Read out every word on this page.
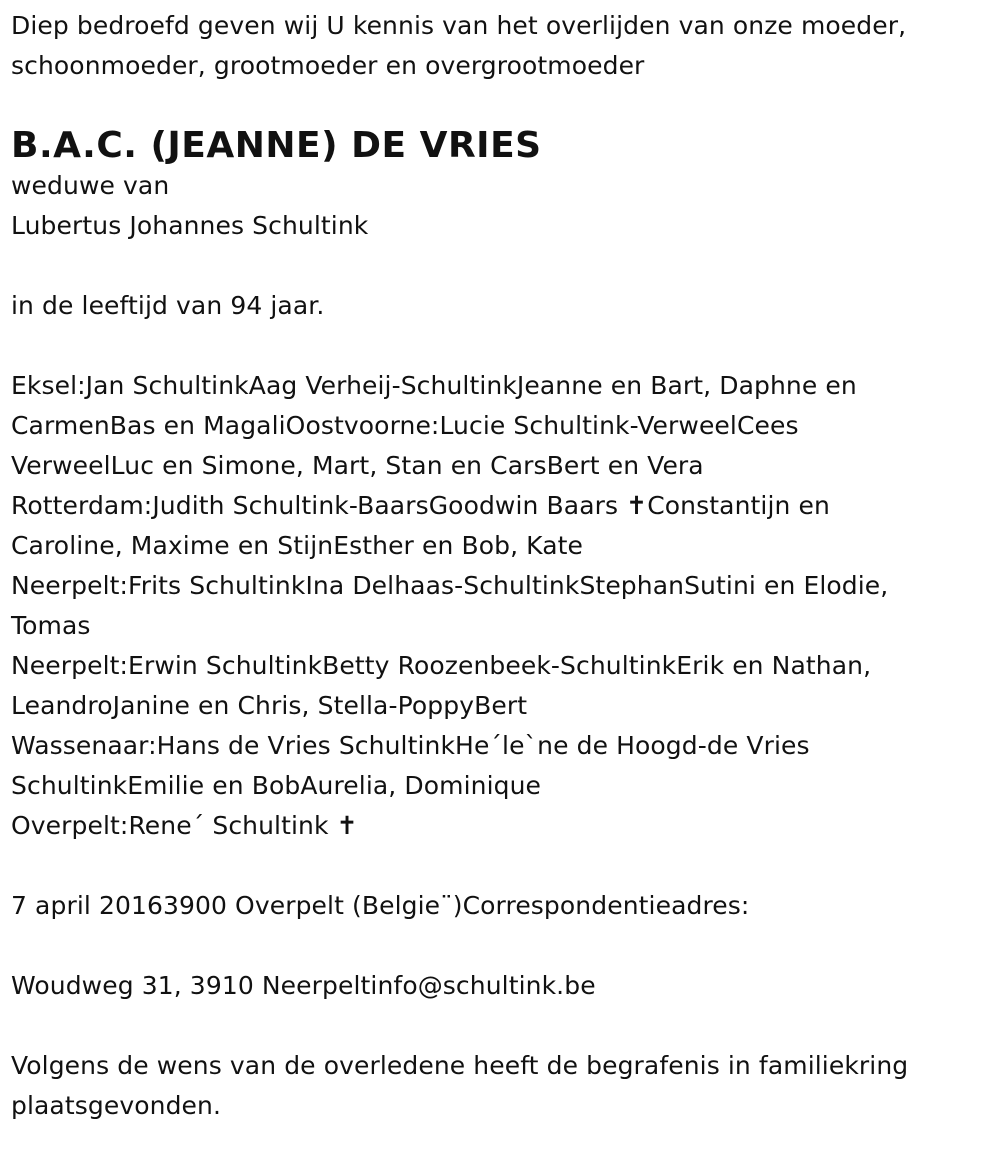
Diep bedroefd geven wij U kennis van het overlijden van onze moeder,
schoonmoeder, grootmoeder en overgrootmoeder
B.A.C. (JEANNE) DE VRIES
weduwe van
Lubertus Johannes Schultink
in de leeftijd van 94 jaar.
Eksel:Jan SchultinkAag Verheij-SchultinkJeanne en Bart, Daphne en
CarmenBas en MagaliOostvoorne:Lucie Schultink-VerweelCees
VerweelLuc en Simone, Mart, Stan en CarsBert en Vera
Rotterdam:Judith Schultink-BaarsGoodwin Baars ✝Constantijn en
Caroline, Maxime en StijnEsther en Bob, Kate
Neerpelt:Frits SchultinkIna Delhaas-SchultinkStephanSutini en Elodie,
Tomas
Neerpelt:Erwin SchultinkBetty Roozenbeek-SchultinkErik en Nathan,
LeandroJanine en Chris, Stella-PoppyBert
Wassenaar:Hans de Vries SchultinkHe´le`ne de Hoogd-de Vries
SchultinkEmilie en BobAurelia, Dominique
Overpelt:Rene´ Schultink ✝
7 april 20163900 Overpelt (Belgie¨)Correspondentieadres:
Woudweg 31, 3910 Neerpeltinfo@schultink.be
Volgens de wens van de overledene heeft de begrafenis in familiekring
plaatsgevonden.
